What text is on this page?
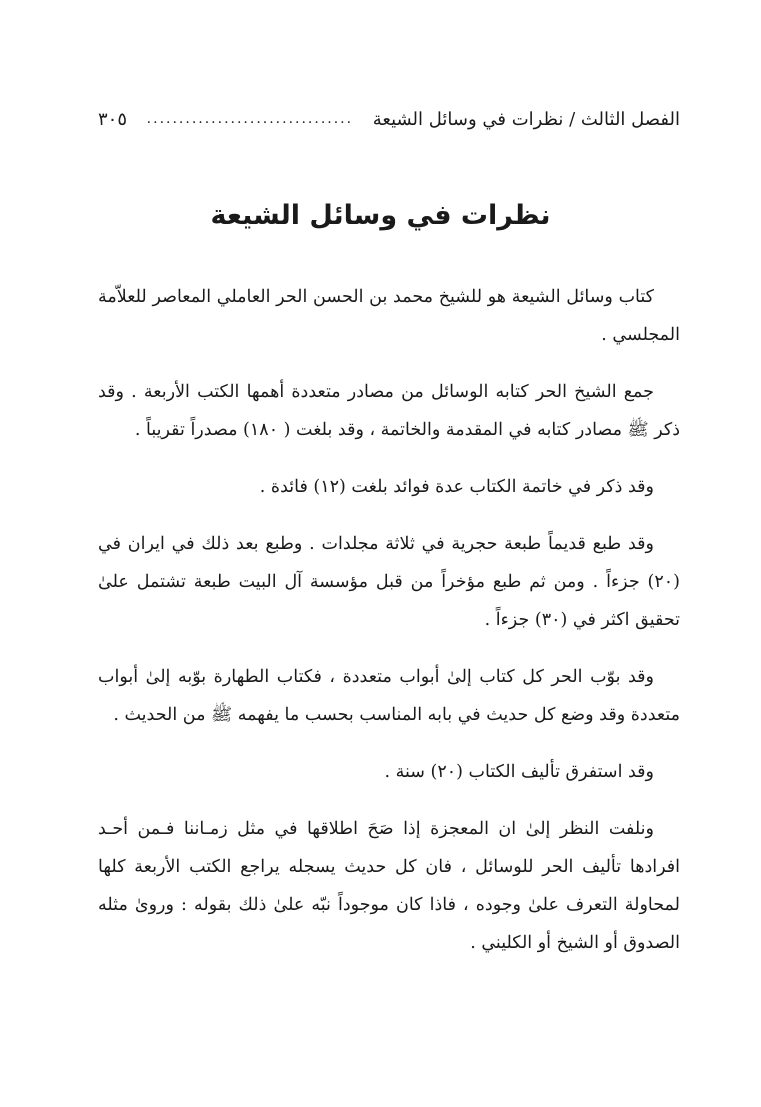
الفصل الثالث / نظرات في وسائل الشيعة
................................
٣٠٥
نظرات في وسائل الشيعة

كتاب وسائل الشيعة هو للشيخ محمد بن الحسن الحر العاملي المعاصر للعلاّمة المجلسي .

جمع الشيخ الحر كتابه الوسائل من مصادر متعددة أهمها الكتب الأربعة . وقد ذكر ﷺ مصادر كتابه في المقدمة والخاتمة ، وقد بلغت ( ١٨٠) مصدراً تقريباً .

وقد ذكر في خاتمة الكتاب عدة فوائد بلغت (١٢) فائدة .

وقد طبع قديماً طبعة حجرية في ثلاثة مجلدات . وطبع بعد ذلك في ايران في (٢٠) جزءاً . ومن ثم طبع مؤخراً من قبل مؤسسة آل البيت طبعة تشتمل علىٰ تحقيق اكثر في (٣٠) جزءاً .

وقد بوّب الحر كل كتاب إلىٰ أبواب متعددة ، فكتاب الطهارة بوّبه إلىٰ أبواب متعددة وقد وضع كل حديث في بابه المناسب بحسب ما يفهمه ﷺ من الحديث .

وقد استفرق تأليف الكتاب (٢٠) سنة .

ونلفت النظر إلىٰ ان المعجزة إذا صَحَ اطلاقها في مثل زمـاننا فـمن أحـد افرادها تأليف الحر للوسائل ، فان كل حديث يسجله يراجع الكتب الأربعة كلها لمحاولة التعرف علىٰ وجوده ، فاذا كان موجوداً نبّه علىٰ ذلك بقوله : وروىٰ مثله الصدوق أو الشيخ أو الكليني .
